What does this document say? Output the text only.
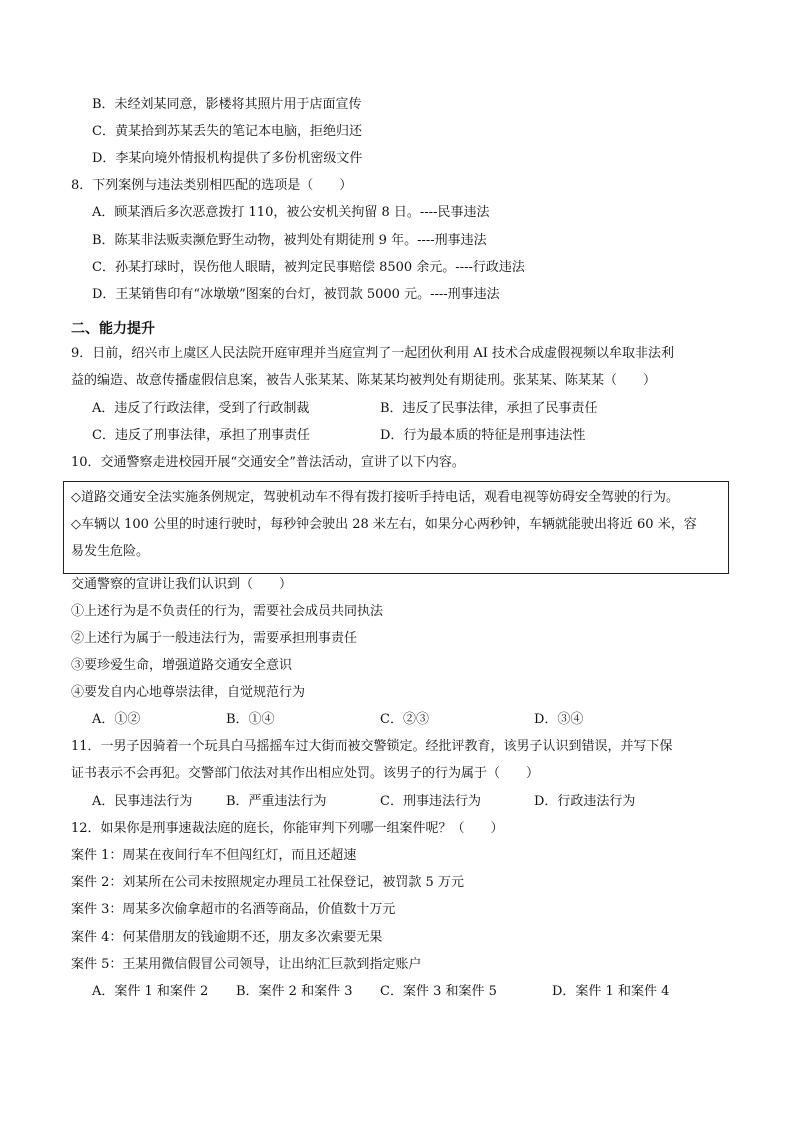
B．未经刘某同意，影楼将其照片用于店面宣传
C．黄某拾到苏某丢失的笔记本电脑，拒绝归还
D．李某向境外情报机构提供了多份机密级文件
8．下列案例与违法类别相匹配的选项是（　　）
A．顾某酒后多次恶意拨打 110，被公安机关拘留 8 日。----民事违法
B．陈某非法贩卖濒危野生动物，被判处有期徒刑 9 年。----刑事违法
C．孙某打球时，误伤他人眼睛，被判定民事赔偿 8500 余元。----行政违法
D．王某销售印有“冰墩墩”图案的台灯，被罚款 5000 元。----刑事违法
二、能力提升
9．日前，绍兴市上虞区人民法院开庭审理并当庭宣判了一起团伙利用 AI 技术合成虚假视频以牟取非法利
益的编造、故意传播虚假信息案，被告人张某某、陈某某均被判处有期徒刑。张某某、陈某某（　　）
A．违反了行政法律，受到了行政制裁	B．违反了民事法律，承担了民事责任
C．违反了刑事法律，承担了刑事责任	D．行为最本质的特征是刑事违法性
10．交通警察走进校园开展“交通安全”普法活动，宣讲了以下内容。
◇道路交通安全法实施条例规定，驾驶机动车不得有拨打接听手持电话，观看电视等妨碍安全驾驶的行为。
◇车辆以 100 公里的时速行驶时，每秒钟会驶出 28 米左右，如果分心两秒钟，车辆就能驶出将近 60 米，容
易发生危险。
交通警察的宣讲让我们认识到（　　）
①上述行为是不负责任的行为，需要社会成员共同执法
②上述行为属于一般违法行为，需要承担刑事责任
③要珍爱生命，增强道路交通安全意识
④要发自内心地尊崇法律，自觉规范行为
A．①②	B．①④	C．②③	D．③④
11．一男子因骑着一个玩具白马摇摇车过大街而被交警锁定。经批评教育，该男子认识到错误，并写下保
证书表示不会再犯。交警部门依法对其作出相应处罚。该男子的行为属于（　　）
A．民事违法行为	B．严重违法行为	C．刑事违法行为	D．行政违法行为
12．如果你是刑事速裁法庭的庭长，你能审判下列哪一组案件呢？（　　）
案件 1：周某在夜间行车不但闯红灯，而且还超速
案件 2：刘某所在公司未按照规定办理员工社保登记，被罚款 5 万元
案件 3：周某多次偷拿超市的名酒等商品，价值数十万元
案件 4：何某借朋友的钱逾期不还，朋友多次索要无果
案件 5：王某用微信假冒公司领导，让出纳汇巨款到指定账户
A．案件 1 和案件 2 B．案件 2 和案件 3 C．案件 3 和案件 5	D．案件 1 和案件 4
